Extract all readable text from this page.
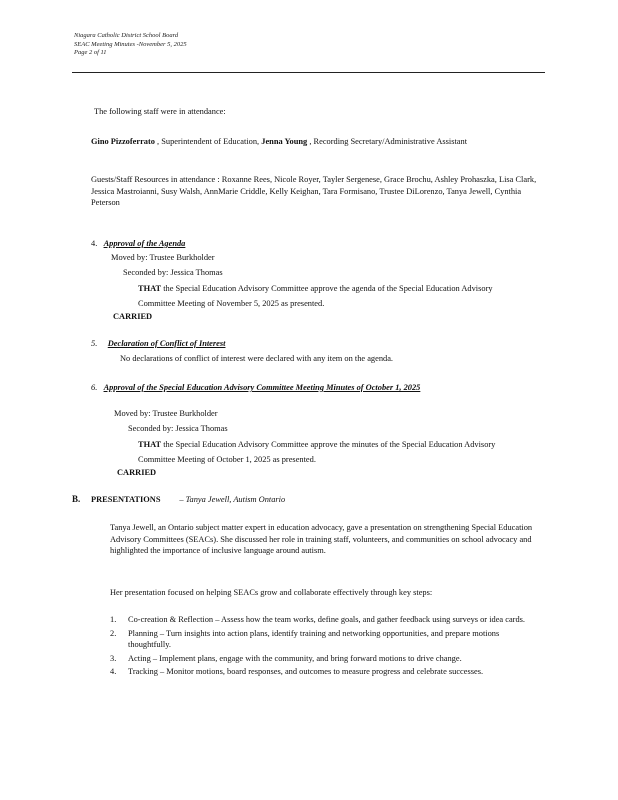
Niagara Catholic District School Board
SEAC Meeting Minutes -November 5, 2025
Page 2 of 11
The following staff were in attendance:
Gino Pizzoferrato , Superintendent of Education, Jenna Young , Recording Secretary/Administrative Assistant
Guests/Staff Resources in attendance : Roxanne Rees, Nicole Royer, Tayler Sergenese, Grace Brochu, Ashley Prohaszka, Lisa Clark, Jessica Mastroianni, Susy Walsh, AnnMarie Criddle, Kelly Keighan, Tara Formisano, Trustee DiLorenzo, Tanya Jewell, Cynthia Peterson
4. Approval of the Agenda
Moved by: Trustee Burkholder
Seconded by: Jessica Thomas
THAT the Special Education Advisory Committee approve the agenda of the Special Education Advisory Committee Meeting of November 5, 2025 as presented.
CARRIED
5. Declaration of Conflict of Interest
No declarations of conflict of interest were declared with any item on the agenda.
6. Approval of the Special Education Advisory Committee Meeting Minutes of October 1, 2025
Moved by: Trustee Burkholder
Seconded by: Jessica Thomas
THAT the Special Education Advisory Committee approve the minutes of the Special Education Advisory Committee Meeting of October 1, 2025 as presented.
CARRIED
B. PRESENTATIONS – Tanya Jewell, Autism Ontario
Tanya Jewell, an Ontario subject matter expert in education advocacy, gave a presentation on strengthening Special Education Advisory Committees (SEACs). She discussed her role in training staff, volunteers, and communities on school advocacy and highlighted the importance of inclusive language around autism.
Her presentation focused on helping SEACs grow and collaborate effectively through key steps:
1. Co-creation & Reflection – Assess how the team works, define goals, and gather feedback using surveys or idea cards.
2. Planning – Turn insights into action plans, identify training and networking opportunities, and prepare motions thoughtfully.
3. Acting – Implement plans, engage with the community, and bring forward motions to drive change.
4. Tracking – Monitor motions, board responses, and outcomes to measure progress and celebrate successes.
